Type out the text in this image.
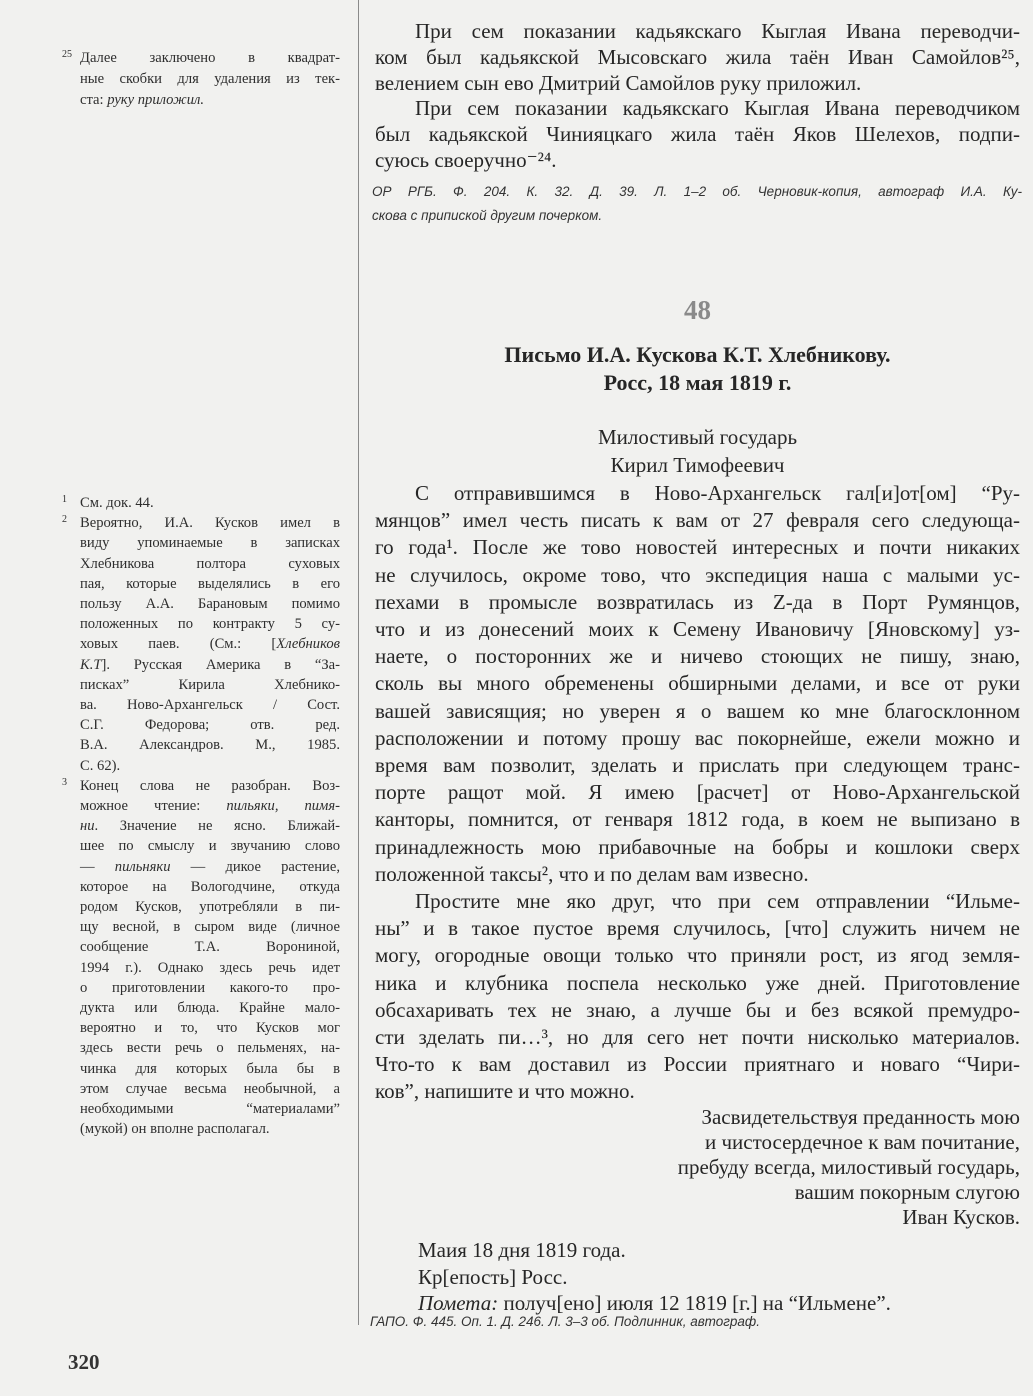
При сем показании кадьякскаго Кыглая Ивана переводчи-
ком был кадьякской Мысовскаго жила таён Иван Самойлов²⁵,
велением сын ево Дмитрий Самойлов руку приложил.
При сем показании кадьякскаго Кыглая Ивана переводчиком
был кадьякской Чинияцкаго жила таён Яков Шелехов, подпи-
суюсь своеручно⁻²⁴.
ОР РГБ. Ф. 204. К. 32. Д. 39. Л. 1–2 об. Черновик-копия, автограф И.А. Ку-
скова с припиской другим почерком.
25 Далее заключено в квадрат-
ные скобки для удаления из тек-
ста: руку приложил.
1 См. док. 44.
2 Вероятно, И.А. Кусков имел в
виду упоминаемые в записках
Хлебникова полтора суховых
пая, которые выделялись в его
пользу А.А. Барановым помимо
положенных по контракту 5 су-
ховых паев. (См.: [Хлебников
К.Т]. Русская Америка в “За-
писках” Кирила Хлебнико-
ва. Ново-Архангельск / Сост.
С.Г. Федорова; отв. ред.
В.А. Александров. М., 1985.
С. 62).
3 Конец слова не разобран. Воз-
можное чтение: пильяки, пимя-
ни. Значение не ясно. Ближай-
шее по смыслу и звучанию слово
— пильняки — дикое растение,
которое на Вологодчине, откуда
родом Кусков, употребляли в пи-
щу весной, в сыром виде (личное
сообщение Т.А. Ворониной,
1994 г.). Однако здесь речь идет
о приготовлении какого-то про-
дукта или блюда. Крайне мало-
вероятно и то, что Кусков мог
здесь вести речь о пельменях, на-
чинка для которых была бы в
этом случае весьма необычной, а
необходимыми “материалами”
(мукой) он вполне располагал.
48
Письмо И.А. Кускова К.Т. Хлебникову.
Росс, 18 мая 1819 г.
Милостивый государь
Кирил Тимофеевич
С отправившимся в Ново-Архангельск гал[и]от[ом] “Ру-
мянцов” имел честь писать к вам от 27 февраля сего следующа-
го года¹. После же тово новостей интересных и почти никаких
не случилось, окроме тово, что экспедиция наша с малыми ус-
пехами в промысле возвратилась из Z-да в Порт Румянцов,
что и из донесений моих к Семену Ивановичу [Яновскому] уз-
наете, о посторонних же и ничево стоющих не пишу, знаю,
сколь вы много обременены обширными делами, и все от руки
вашей зависящия; но уверен я о вашем ко мне благосклонном
расположении и потому прошу вас покорнейше, ежели можно и
время вам позволит, зделать и прислать при следующем транс-
порте ращот мой. Я имею [расчет] от Ново-Архангельской
канторы, помнится, от генваря 1812 года, в коем не выпизано в
принадлежность мою прибавочные на бобры и кошлоки сверх
положенной таксы², что и по делам вам извесно.
Простите мне яко друг, что при сем отправлении “Ильме-
ны” и в такое пустое время случилось, [что] служить ничем не
могу, огородные овощи только что приняли рост, из ягод земля-
ника и клубника поспела несколько уже дней. Приготовление
обсахаривать тех не знаю, а лучше бы и без всякой премудро-
сти зделать пи…³, но для сего нет почти нисколько материалов.
Что-то к вам доставил из России приятнаго и новаго “Чири-
ков”, напишите и что можно.
Засвидетельствуя преданность мою
и чистосердечное к вам почитание,
пребуду всегда, милостивый государь,
вашим покорным слугою
Иван Кусков.
Маия 18 дня 1819 года.
Кр[епость] Росс.
Помета: получ[ено] июля 12 1819 [г.] на “Ильмене”.
ГАПО. Ф. 445. Оп. 1. Д. 246. Л. 3–3 об. Подлинник, автограф.
320
